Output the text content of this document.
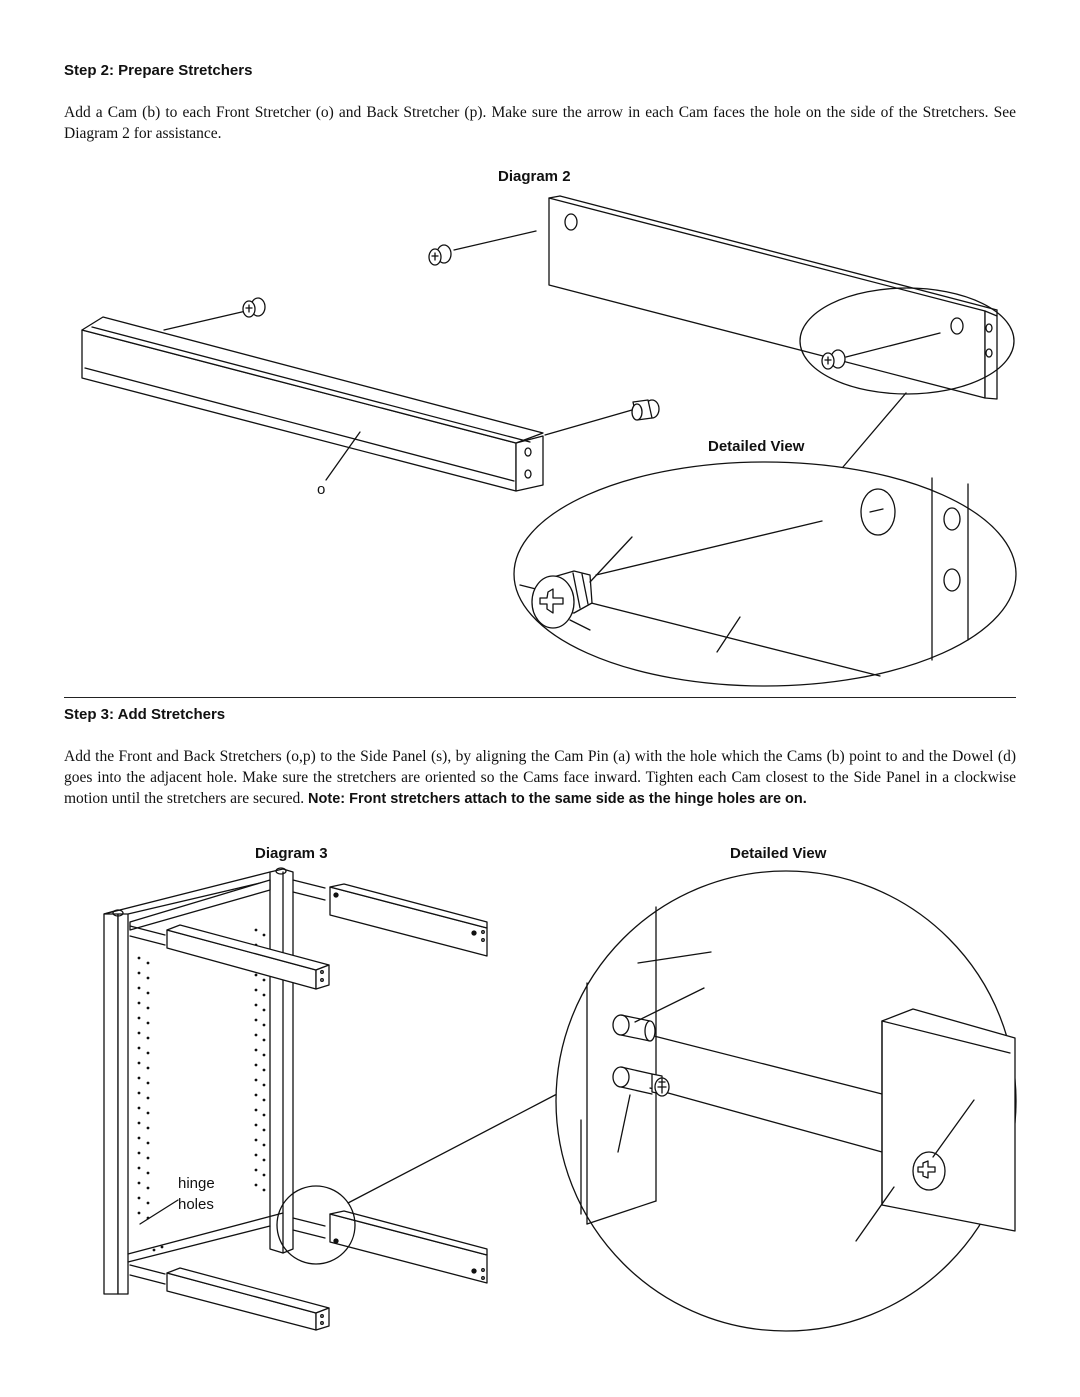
Step 2: Prepare Stretchers
Add a Cam (b) to each Front Stretcher (o) and Back Stretcher (p). Make sure the arrow in each Cam faces the hole on the side of the Stretchers. See Diagram 2 for assistance.
Diagram 2
Detailed View
o
Step 3: Add Stretchers
Add the Front and Back Stretchers (o,p) to the Side Panel (s), by aligning the Cam Pin (a) with the hole which the Cams (b) point to and the Dowel (d) goes into the adjacent hole. Make sure the stretchers are oriented so the Cams face inward. Tighten each Cam closest to the Side Panel in a clockwise motion until the stretchers are secured. Note: Front stretchers attach to the same side as the hinge holes are on.
Diagram 3	Detailed View
hinge
holes
